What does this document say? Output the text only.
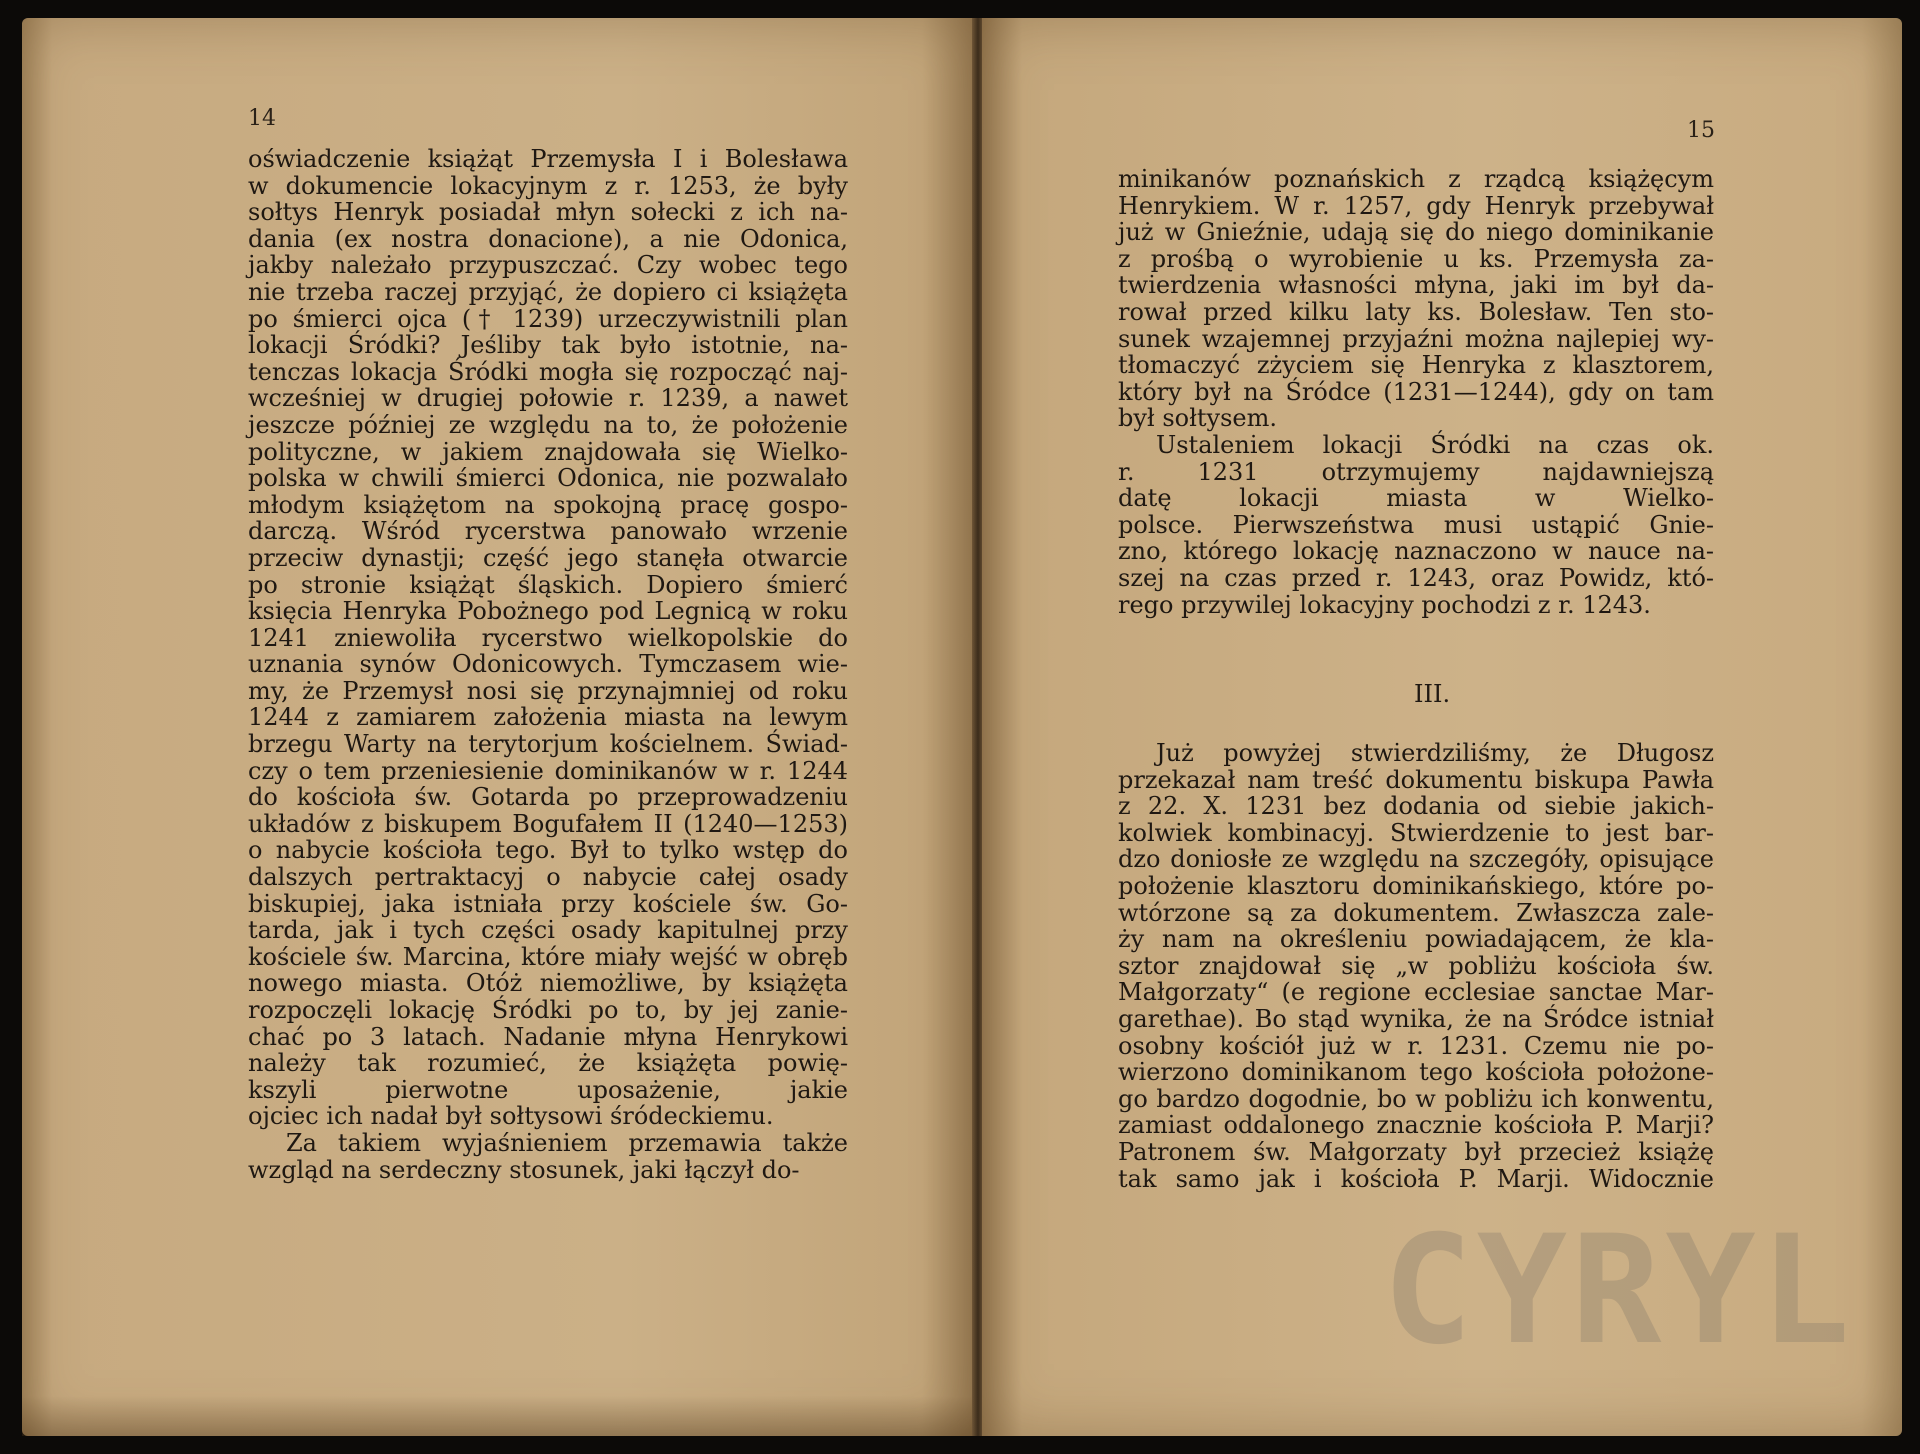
14
oświadczenie książąt Przemysła I i Bolesława
w dokumencie lokacyjnym z r. 1253, że były
sołtys Henryk posiadał młyn sołecki z ich na-
dania (ex nostra donacione), a nie Odonica,
jakby należało przypuszczać. Czy wobec tego
nie trzeba raczej przyjąć, że dopiero ci książęta
po śmierci ojca († 1239) urzeczywistnili plan
lokacji Śródki? Jeśliby tak było istotnie, na-
tenczas lokacja Śródki mogła się rozpocząć naj-
wcześniej w drugiej połowie r. 1239, a nawet
jeszcze później ze względu na to, że położenie
polityczne, w jakiem znajdowała się Wielko-
polska w chwili śmierci Odonica, nie pozwalało
młodym książętom na spokojną pracę gospo-
darczą. Wśród rycerstwa panowało wrzenie
przeciw dynastji; część jego stanęła otwarcie
po stronie książąt śląskich. Dopiero śmierć
księcia Henryka Pobożnego pod Legnicą w roku
1241 zniewoliła rycerstwo wielkopolskie do
uznania synów Odonicowych. Tymczasem wie-
my, że Przemysł nosi się przynajmniej od roku
1244 z zamiarem założenia miasta na lewym
brzegu Warty na terytorjum kościelnem. Świad-
czy o tem przeniesienie dominikanów w r. 1244
do kościoła św. Gotarda po przeprowadzeniu
układów z biskupem Bogufałem II (1240—1253)
o nabycie kościoła tego. Był to tylko wstęp do
dalszych pertraktacyj o nabycie całej osady
biskupiej, jaka istniała przy kościele św. Go-
tarda, jak i tych części osady kapitulnej przy
kościele św. Marcina, które miały wejść w obręb
nowego miasta. Otóż niemożliwe, by książęta
rozpoczęli lokację Śródki po to, by jej zanie-
chać po 3 latach. Nadanie młyna Henrykowi
należy tak rozumieć, że książęta powię-
kszyli pierwotne uposażenie, jakie
ojciec ich nadał był sołtysowi śródeckiemu.
Za takiem wyjaśnieniem przemawia także
wzgląd na serdeczny stosunek, jaki łączył do-
15
minikanów poznańskich z rządcą książęcym
Henrykiem. W r. 1257, gdy Henryk przebywał
już w Gnieźnie, udają się do niego dominikanie
z prośbą o wyrobienie u ks. Przemysła za-
twierdzenia własności młyna, jaki im był da-
rował przed kilku laty ks. Bolesław. Ten sto-
sunek wzajemnej przyjaźni można najlepiej wy-
tłomaczyć zżyciem się Henryka z klasztorem,
który był na Śródce (1231—1244), gdy on tam
był sołtysem.
Ustaleniem lokacji Śródki na czas ok.
r. 1231 otrzymujemy najdawniejszą
datę lokacji miasta w Wielko-
polsce. Pierwszeństwa musi ustąpić Gnie-
zno, którego lokację naznaczono w nauce na-
szej na czas przed r. 1243, oraz Powidz, któ-
rego przywilej lokacyjny pochodzi z r. 1243.
III.
Już powyżej stwierdziliśmy, że Długosz
przekazał nam treść dokumentu biskupa Pawła
z 22. X. 1231 bez dodania od siebie jakich-
kolwiek kombinacyj. Stwierdzenie to jest bar-
dzo doniosłe ze względu na szczegóły, opisujące
położenie klasztoru dominikańskiego, które po-
wtórzone są za dokumentem. Zwłaszcza zale-
ży nam na określeniu powiadającem, że kla-
sztor znajdował się „w pobliżu kościoła św.
Małgorzaty“ (e regione ecclesiae sanctae Mar-
garethae). Bo stąd wynika, że na Śródce istniał
osobny kościół już w r. 1231. Czemu nie po-
wierzono dominikanom tego kościoła położone-
go bardzo dogodnie, bo w pobliżu ich konwentu,
zamiast oddalonego znacznie kościoła P. Marji?
Patronem św. Małgorzaty był przecież książę
tak samo jak i kościoła P. Marji. Widocznie
CYRYL
